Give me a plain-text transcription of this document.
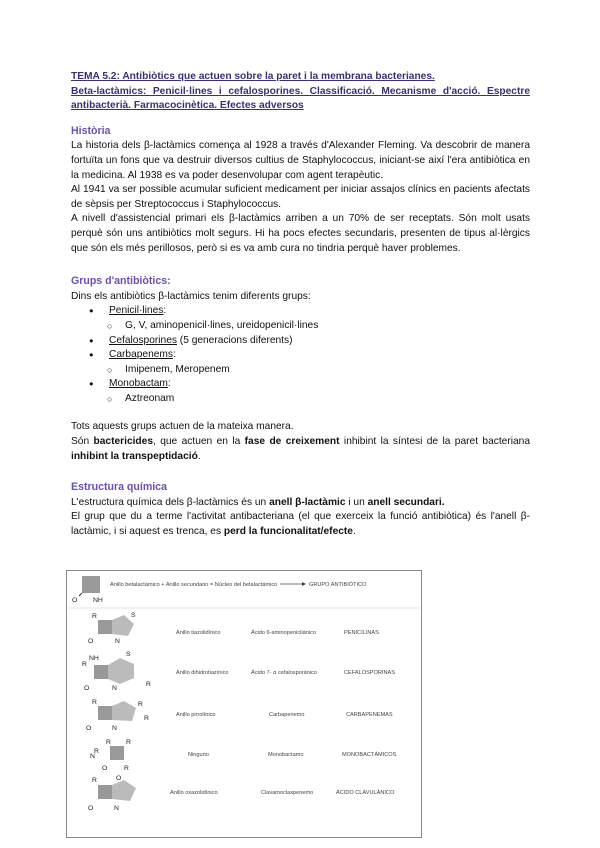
TEMA 5.2: Antibiòtics que actuen sobre la paret i la membrana bacterianes.

Beta-lactàmics: Penicil·lines i cefalosporines. Classificació. Mecanisme d'acció. Espectre antibacterià. Farmacocinètica. Efectes adversos

Història

La historia dels β-lactàmics comença al 1928 a través d'Alexander Fleming. Va descobrir de manera fortuïta un fons que va destruir diversos cultius de Staphylococcus, iniciant-se així l'era antibiòtica en la medicina. Al 1938 es va poder desenvolupar com agent terapèutic.

Al 1941 va ser possible acumular suficient medicament per iniciar assajos clínics en pacients afectats de sèpsis per Streptococcus i Staphylococcus.

A nivell d'assistencial primari els β-lactàmics arriben a un 70% de ser receptats. Són molt usats perquè són uns antibiòtics molt segurs. Hi ha pocs efectes secundaris, presenten de tipus al·lèrgics que són els més perillosos, però si es va amb cura no tindria perquè haver problemes.

Grups d'antibiòtics:

Dins els antibiòtics β-lactàmics tenim diferents grups:

● Penicil·lines:
○ G, V, aminopenicil·lines, ureidopenicil·lines
● Cefalosporines (5 generacions diferents)
● Carbapenems:
○ Imipenem, Meropenem
● Monobactam:
○ Aztreonam

Tots aquests grups actuen de la mateixa manera.

Són bactericides, que actuen en la fase de creixement inhibint la síntesi de la paret bacteriana inhibint la transpeptidació.

Estructura química

L'estructura química dels β-lactàmics és un anell β-lactàmic i un anell secundari.

El grup que du a terme l'activitat antibacteriana (el que exerceix la funció antibiòtica) és l'anell β-lactàmic, i si aquest es trenca, es perd la funcionalitat/efecte.

O NH
Anillo betalactámico + Anillo secundario = Núcleo del betalactámico	GRUPO ANTIBIÓTICO
R	S
N
O
Anillo tiazolidínico	Ácido 6-aminopenicilánico	PENICILINAS
R
NH
S
N
O
R
Anillo dihidrotiazínico	Ácido 7- α cefalosporánico	CEFALOSPORINAS
R	R
R
N
O
Anillo pirrolínico	Carbapenemo	CARBAPENEMAS
R
R R
N
R
O
Ninguno	Monobactamo	MONOBACTÁMICOS
R	O
N
O
Anillo oxazolidínico	Clavamoclaxpenemo	ÁCIDO CLAVULÁNICO
